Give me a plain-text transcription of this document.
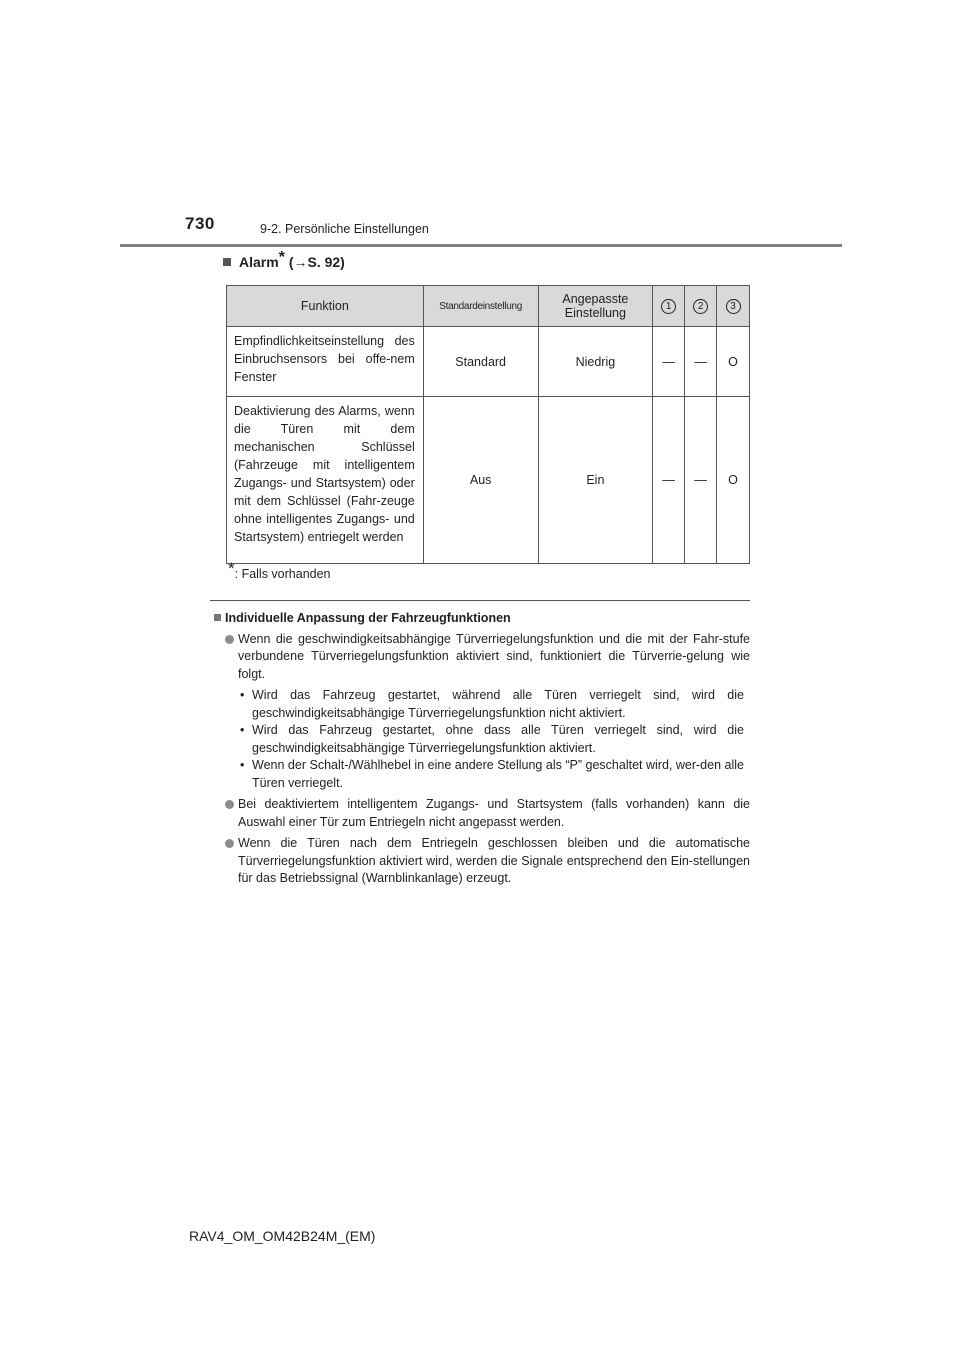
730	9-2. Persönliche Einstellungen
Alarm* (→S. 92)
Funktion	Standardeinstellung	Angepasste Einstellung	1	2	3
Empfindlichkeitseinstellung des Einbruchsensors bei offe-nem Fenster	Standard	Niedrig	—	—	O
Deaktivierung des Alarms, wenn die Türen mit dem mechanischen Schlüssel (Fahrzeuge mit intelligentem Zugangs- und Startsystem) oder mit dem Schlüssel (Fahr-zeuge ohne intelligentes Zugangs- und Startsystem) entriegelt werden	Aus	Ein	—	—	O
*: Falls vorhanden
Individuelle Anpassung der Fahrzeugfunktionen
Wenn die geschwindigkeitsabhängige Türverriegelungsfunktion und die mit der Fahr-stufe verbundene Türverriegelungsfunktion aktiviert sind, funktioniert die Türverrie-gelung wie folgt.
• Wird das Fahrzeug gestartet, während alle Türen verriegelt sind, wird die geschwindigkeitsabhängige Türverriegelungsfunktion nicht aktiviert.
• Wird das Fahrzeug gestartet, ohne dass alle Türen verriegelt sind, wird die geschwindigkeitsabhängige Türverriegelungsfunktion aktiviert.
• Wenn der Schalt-/Wählhebel in eine andere Stellung als “P” geschaltet wird, wer-den alle Türen verriegelt.
Bei deaktiviertem intelligentem Zugangs- und Startsystem (falls vorhanden) kann die Auswahl einer Tür zum Entriegeln nicht angepasst werden.
Wenn die Türen nach dem Entriegeln geschlossen bleiben und die automatische Türverriegelungsfunktion aktiviert wird, werden die Signale entsprechend den Ein-stellungen für das Betriebssignal (Warnblinkanlage) erzeugt.
RAV4_OM_OM42B24M_(EM)
